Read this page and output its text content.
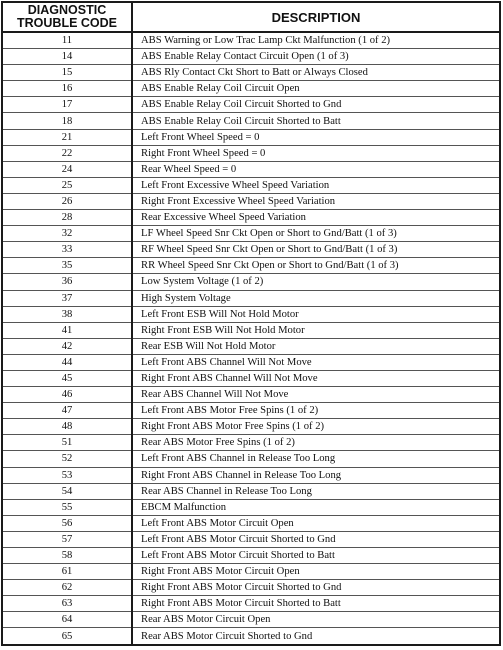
DIAGNOSTIC
TROUBLE CODE	DESCRIPTION
11	ABS Warning or Low Trac Lamp Ckt Malfunction (1 of 2)
14	ABS Enable Relay Contact Circuit Open (1 of 3)
15	ABS Rly Contact Ckt Short to Batt or Always Closed
16	ABS Enable Relay Coil Circuit Open
17	ABS Enable Relay Coil Circuit Shorted to Gnd
18	ABS Enable Relay Coil Circuit Shorted to Batt
21	Left Front Wheel Speed = 0
22	Right Front Wheel Speed = 0
24	Rear Wheel Speed = 0
25	Left Front Excessive Wheel Speed Variation
26	Right Front Excessive Wheel Speed Variation
28	Rear Excessive Wheel Speed Variation
32	LF Wheel Speed Snr Ckt Open or Short to Gnd/Batt (1 of 3)
33	RF Wheel Speed Snr Ckt Open or Short to Gnd/Batt (1 of 3)
35	RR Wheel Speed Snr Ckt Open or Short to Gnd/Batt (1 of 3)
36	Low System Voltage (1 of 2)
37	High System Voltage
38	Left Front ESB Will Not Hold Motor
41	Right Front ESB Will Not Hold Motor
42	Rear ESB Will Not Hold Motor
44	Left Front ABS Channel Will Not Move
45	Right Front ABS Channel Will Not Move
46	Rear ABS Channel Will Not Move
47	Left Front ABS Motor Free Spins (1 of 2)
48	Right Front ABS Motor Free Spins (1 of 2)
51	Rear ABS Motor Free Spins (1 of 2)
52	Left Front ABS Channel in Release Too Long
53	Right Front ABS Channel in Release Too Long
54	Rear ABS Channel in Release Too Long
55	EBCM Malfunction
56	Left Front ABS Motor Circuit Open
57	Left Front ABS Motor Circuit Shorted to Gnd
58	Left Front ABS Motor Circuit Shorted to Batt
61	Right Front ABS Motor Circuit Open
62	Right Front ABS Motor Circuit Shorted to Gnd
63	Right Front ABS Motor Circuit Shorted to Batt
64	Rear ABS Motor Circuit Open
65	Rear ABS Motor Circuit Shorted to Gnd
